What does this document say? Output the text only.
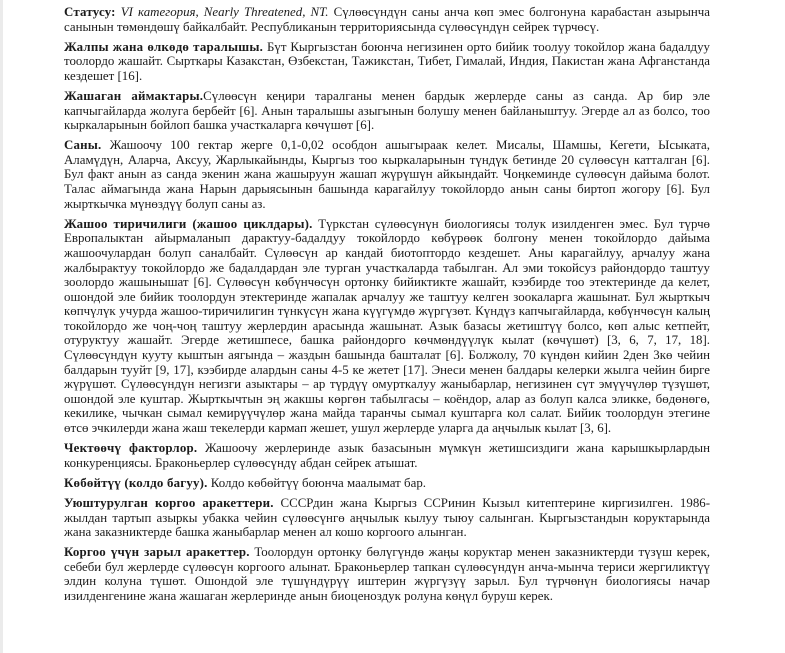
Статусу: VI категория, Nearly Threatened, NT. Сүлөөсүндүн саны анча көп эмес болгонуна карабастан азырынча санынын төмөндөшү байкалбайт. Республиканын территориясында сүлөөсүндүн сейрек түрчөсү.

Жалпы жана өлкөдө таралышы. Бүт Кыргызстан боюнча негизинен орто бийик тоолуу токойлор жана бадалдуу тоолордо жашайт. Сырткары Казакстан, Өзбекстан, Тажикстан, Тибет, Гималай, Индия, Пакистан жана Афганстанда кездешет [16].

Жашаган аймактары.Сүлөөсүн кеңири таралганы менен бардык жерлерде саны аз санда. Ар бир эле капчыгайларда жолуга бербейт [6]. Анын таралышы азыгынын болушу менен байланыштуу. Эгерде ал аз болсо, тоо кыркаларынын бойлоп башка участкаларга көчүшөт [6].

Саны. Жашоочу 100 гектар жерге 0,1-0,02 особдон ашыгыраак келет. Мисалы, Шамшы, Кегети, Ысыката, Аламүдүн, Аларча, Аксуу, Жарлыкайынды, Кыргыз тоо кыркаларынын түндүк бетинде 20 сүлөөсүн катталган [6]. Бул факт анын аз санда экенин жана жашыруун жашап жүрүшүн айкындайт. Чоңкеминде сүлөөсүн дайыма болот. Талас аймагында жана Нарын дарыясынын башында карагайлуу токойлордо анын саны биртоп жогору [6]. Бул жырткычка мүнөздүү болуп саны аз.

Жашоо тиричилиги (жашоо циклдары). Түркстан сүлөөсүнүн биологиясы толук изилденген эмес. Бул түрчө Европалыктан айырмаланып дарактуу-бадалдуу токойлордо көбүрөөк болгону менен токойлордо дайыма жашоочулардан болуп саналбайт. Сүлөөсүн ар кандай биотоптордо кездешет. Аны карагайлуу, арчалуу жана жалбырактуу токойлордо же бадалдардан эле турган участкаларда табылган. Ал эми токойсуз райондордо таштуу зоолордо жашынышат [6]. Сүлөөсүн көбүнчөсүн ортонку бийиктикте жашайт, кээбирде тоо этектеринде да келет, ошондой эле бийик тоолордун этектеринде жапалак арчалуу же таштуу келген зоокаларга жашынат. Бул жырткыч көпчүлүк учурда жашоо-тиричилигин түнкүсүн жана күүгүмдө жүргүзөт. Күндүз капчыгайларда, көбүнчөсүн калың токойлордо же чоң-чоң таштуу жерлердин арасында жашынат. Азык базасы жетиштүү болсо, көп алыс кетпейт, отуруктуу жашайт. Эгерде жетишпесе, башка райондорго көчмөндүүлүк кылат (көчүшөт) [3, 6, 7, 17, 18]. Сүлөөсүндүн кууту кыштын аягында – жаздын башында башталат [6]. Болжолу, 70 күндөн кийин 2ден 3кө чейин балдарын тууйт [9, 17], кээбирде алардын саны 4-5 ке жетет [17]. Энеси менен балдары келерки жылга чейин бирге жүрүшөт. Сүлөөсүндүн негизги азыктары – ар түрдүү омурткалуу жаныбарлар, негизинен сүт эмүүчүлөр түзүшөт, ошондой эле куштар. Жырткычтын эң жакшы көргөн табылгасы – коёндор, алар аз болуп калса эликке, бөдөнөгө, кекилике, чычкан сымал кемирүүчүлөр жана майда таранчы сымал куштарга кол салат. Бийик тоолордун этегине өтсө эчкилерди жана жаш текелерди кармап жешет, ушул жерлерде уларга да аңчылык кылат [3, 6].

Чектөөчү факторлор. Жашоочу жерлеринде азык базасынын мүмкүн жетишсиздиги жана карышкырлардын конкуренциясы. Браконьерлер сүлөөсүндү абдан сейрек атышат.

Көбөйтүү (колдо багуу). Колдо көбөйтүү боюнча маалымат бар.

Уюштурулган коргоо аракеттери. СССРдин жана Кыргыз ССРинин Кызыл китептерине киргизилген. 1986-жылдан тартып азыркы убакка чейин сүлөөсүнгө аңчылык кылуу тыюу салынган. Кыргызстандын коруктарында жана заказниктерде башка жаныбарлар менен ал кошо коргоого алынган.

Коргоо үчүн зарыл аракеттер. Тоолордун ортонку бөлүгүндө жаңы коруктар менен заказниктерди түзүш керек, себеби бул жерлерде сүлөөсүн коргоого алынат. Браконьерлер тапкан сүлөөсүндүн анча-мынча териси жергиликтүү элдин колуна түшөт. Ошондой эле түшүндүрүү иштерин жүргүзүү зарыл. Бул түрчөнүн биологиясы начар изилденгенине жана жашаган жерлеринде анын биоценоздук ролуна көңүл буруш керек.
